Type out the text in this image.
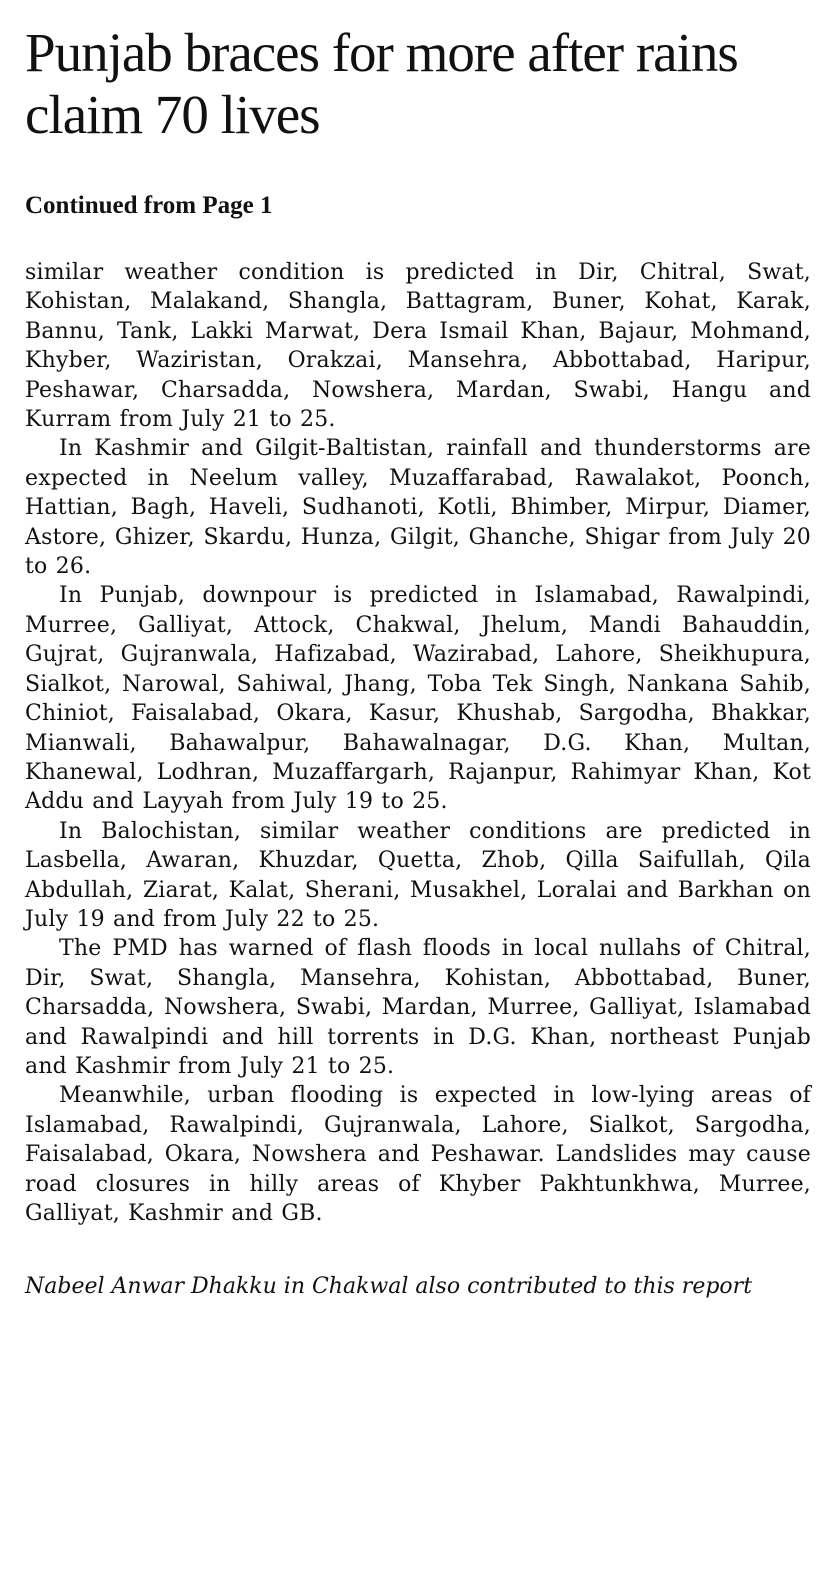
Punjab braces for more after rains claim 70 lives
Continued from Page 1

similar weather condition is predicted in Dir, Chitral, Swat, Kohistan, Malakand, Shangla, Battagram, Buner, Kohat, Karak, Bannu, Tank, Lakki Marwat, Dera Ismail Khan, Bajaur, Mohmand, Khyber, Waziristan, Orakzai, Mansehra, Abbottabad, Haripur, Peshawar, Charsadda, Nowshera, Mardan, Swabi, Hangu and Kurram from July 21 to 25.

In Kashmir and Gilgit-Baltistan, rainfall and thunderstorms are expected in Neelum valley, Muzaffarabad, Rawalakot, Poonch, Hattian, Bagh, Haveli, Sudhanoti, Kotli, Bhimber, Mirpur, Diamer, Astore, Ghizer, Skardu, Hunza, Gilgit, Ghanche, Shigar from July 20 to 26.

In Punjab, downpour is predicted in Islamabad, Rawalpindi, Murree, Galliyat, Attock, Chakwal, Jhelum, Mandi Bahauddin, Gujrat, Gujranwala, Hafizabad, Wazirabad, Lahore, Sheikhupura, Sialkot, Narowal, Sahiwal, Jhang, Toba Tek Singh, Nankana Sahib, Chiniot, Faisalabad, Okara, Kasur, Khushab, Sargodha, Bhakkar, Mianwali, Bahawalpur, Bahawalnagar, D.G. Khan, Multan, Khanewal, Lodhran, Muzaffargarh, Rajanpur, Rahimyar Khan, Kot Addu and Layyah from July 19 to 25.

In Balochistan, similar weather conditions are predicted in Lasbella, Awaran, Khuzdar, Quetta, Zhob, Qilla Saifullah, Qila Abdullah, Ziarat, Kalat, Sherani, Musakhel, Loralai and Barkhan on July 19 and from July 22 to 25.

The PMD has warned of flash floods in local nullahs of Chitral, Dir, Swat, Shangla, Mansehra, Kohistan, Abbottabad, Buner, Charsadda, Nowshera, Swabi, Mardan, Murree, Galliyat, Islamabad and Rawalpindi and hill torrents in D.G. Khan, northeast Punjab and Kashmir from July 21 to 25.

Meanwhile, urban flooding is expected in low-lying areas of Islamabad, Rawalpindi, Gujranwala, Lahore, Sialkot, Sargodha, Faisalabad, Okara, Nowshera and Peshawar. Landslides may cause road closures in hilly areas of Khyber Pakhtunkhwa, Murree, Galliyat, Kashmir and GB.

Nabeel Anwar Dhakku in Chakwal also contributed to this report
